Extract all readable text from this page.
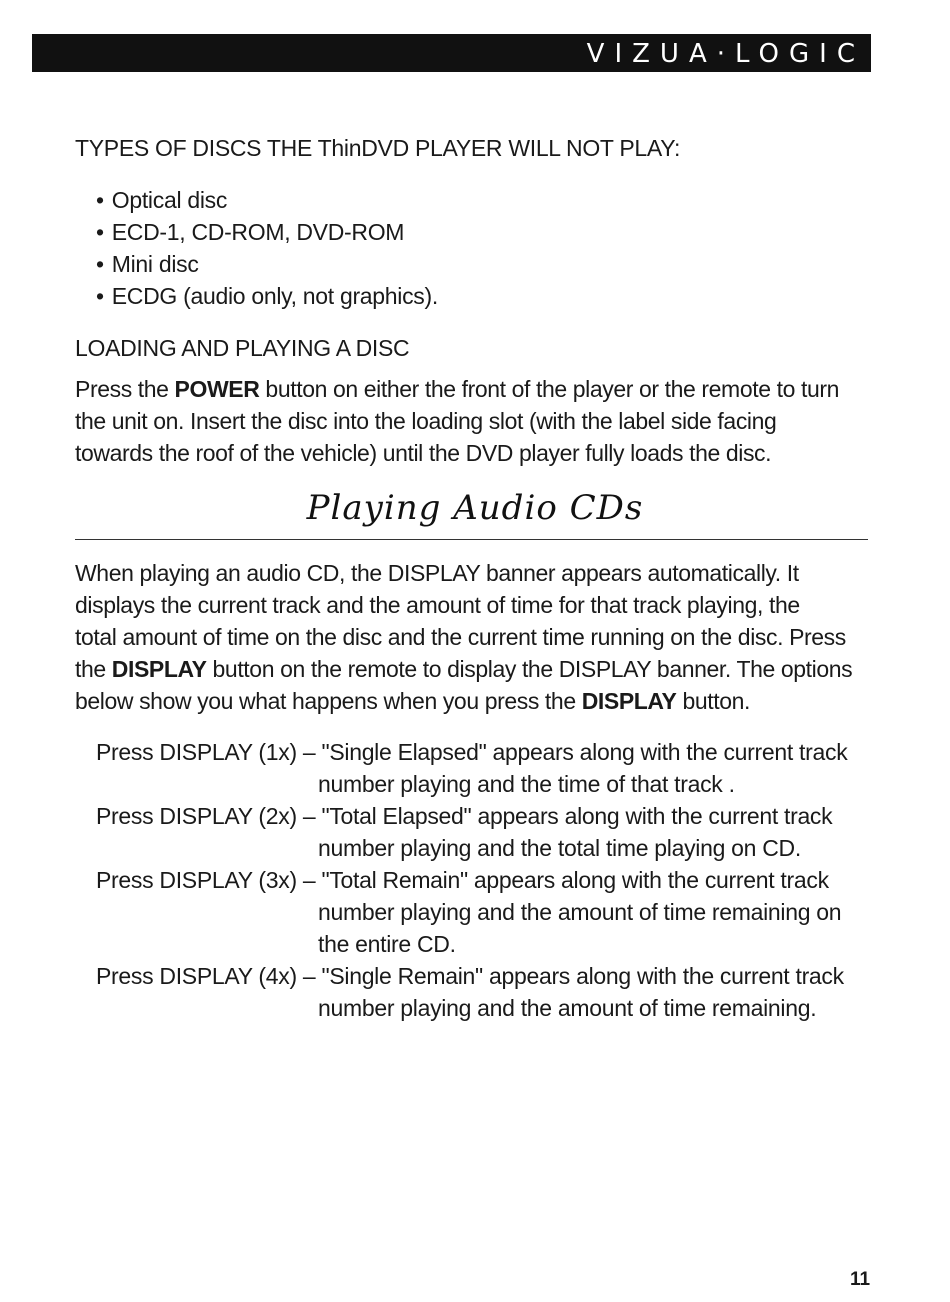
VIZUA·LOGIC

TYPES OF DISCS THE ThinDVD PLAYER WILL NOT PLAY:

• Optical disc
• ECD-1, CD-ROM, DVD-ROM
• Mini disc
• ECDG (audio only, not graphics).

LOADING AND PLAYING A DISC

Press the POWER button on either the front of the player or the remote to turn
the unit on. Insert the disc into the loading slot (with the label side facing
towards the roof of the vehicle) until the DVD player fully loads the disc.
Playing Audio CDs
When playing an audio CD, the DISPLAY banner appears automatically. It
displays the current track and the amount of time for that track playing, the
total amount of time on the disc and the current time running on the disc. Press
the DISPLAY button on the remote to display the DISPLAY banner. The options
below show you what happens when you press the DISPLAY button.
Press DISPLAY (1x) – "Single Elapsed" appears along with the current track
number playing and the time of that track .
Press DISPLAY (2x) – "Total Elapsed" appears along with the current track
number playing and the total time playing on CD.
Press DISPLAY (3x) – "Total Remain" appears along with the current track
number playing and the amount of time remaining on
the entire CD.
Press DISPLAY (4x) – "Single Remain" appears along with the current track
number playing and the amount of time remaining.
11
